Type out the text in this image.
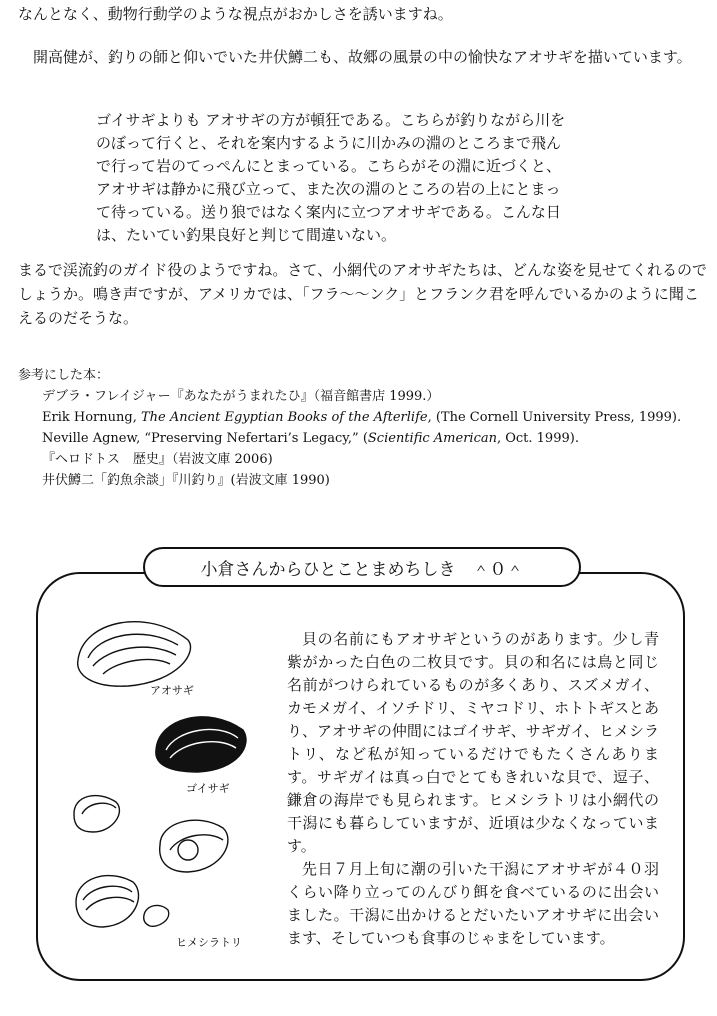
なんとなく、動物行動学のような視点がおかしさを誘いますね。

開高健が、釣りの師と仰いでいた井伏鱒二も、故郷の風景の中の愉快なアオサギを描いています。

ゴイサギよりも アオサギの方が頓狂である。こちらが釣りながら川を
のぼって行くと、それを案内するように川かみの淵のところまで飛ん
で行って岩のてっぺんにとまっている。こちらがその淵に近づくと、
アオサギは静かに飛び立って、また次の淵のところの岩の上にとまっ
て待っている。送り狼ではなく案内に立つアオサギである。こんな日
は、たいてい釣果良好と判じて間違いない。

まるで渓流釣のガイド役のようですね。さて、小網代のアオサギたちは、どんな姿を見せてくれるのでしょうか。鳴き声ですが、アメリカでは、「フラ〜〜ンク」とフランク君を呼んでいるかのように聞こえるのだそうな。

参考にした本：

デブラ・フレイジャー『あなたがうまれたひ』（福音館書店 1999.）

Erik Hornung, The Ancient Egyptian Books of the Afterlife, (The Cornell University Press, 1999).

Neville Agnew, “Preserving Nefertari’s Legacy,” (Scientific American, Oct. 1999).

『ヘロドトス　歴史』（岩波文庫 2006)

井伏鱒二「釣魚余談」『川釣り』(岩波文庫 1990)

小倉さんからひとことまめちしき　＾０＾
アオサギ
ゴイサギ
ヒメシラトリ

貝の名前にもアオサギというのがあります。少し青紫がかった白色の二枚貝です。貝の和名には鳥と同じ名前がつけられているものが多くあり、スズメガイ、カモメガイ、イソチドリ、ミヤコドリ、ホトトギスとあり、アオサギの仲間にはゴイサギ、サギガイ、ヒメシラトリ、など私が知っているだけでもたくさんあります。サギガイは真っ白でとてもきれいな貝で、逗子、鎌倉の海岸でも見られます。ヒメシラトリは小網代の干潟にも暮らしていますが、近頃は少なくなっています。

先日７月上旬に潮の引いた干潟にアオサギが４０羽くらい降り立ってのんびり餌を食べているのに出会いました。干潟に出かけるとだいたいアオサギに出会います、そしていつも食事のじゃまをしています。
